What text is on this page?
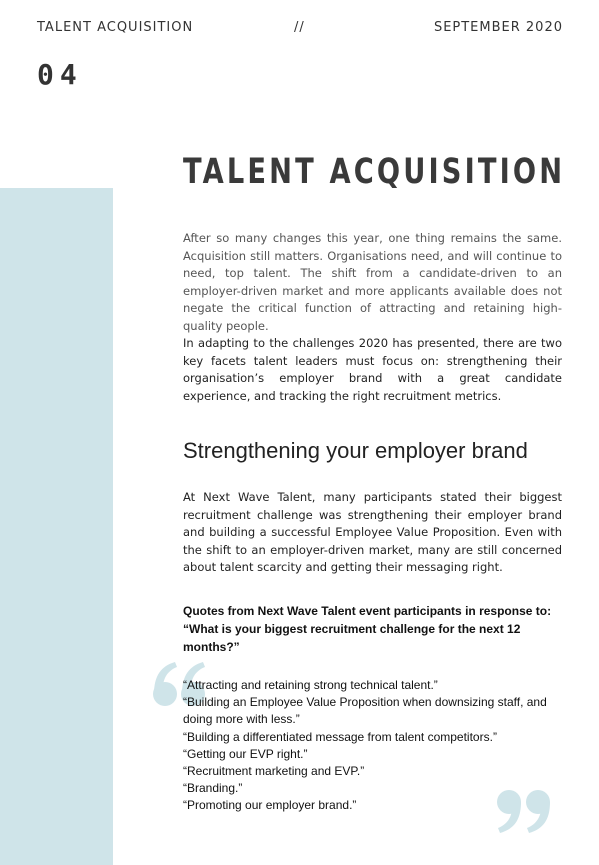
TALENT ACQUISITION	//	SEPTEMBER 2020
04
TALENT ACQUISITION

After so many changes this year, one thing remains the same. Acquisition still matters. Organisations need, and will continue to need, top talent. The shift from a candidate-driven to an employer-driven market and more applicants available does not negate the critical function of attracting and retaining high-quality people.

In adapting to the challenges 2020 has presented, there are two key facets talent leaders must focus on: strengthening their organisation’s employer brand with a great candidate experience, and tracking the right recruitment metrics.

Strengthening your employer brand

At Next Wave Talent, many participants stated their biggest recruitment challenge was strengthening their employer brand and building a successful Employee Value Proposition. Even with the shift to an employer-driven market, many are still concerned about talent scarcity and getting their messaging right.

Quotes from Next Wave Talent event participants in response to: “What is your biggest recruitment challenge for the next 12 months?”

“Attracting and retaining strong technical talent.”
“Building an Employee Value Proposition when downsizing staff, and doing more with less.”
“Building a differentiated message from talent competitors.”
“Getting our EVP right.”
“Recruitment marketing and EVP.”
“Branding.”
“Promoting our employer brand.”
